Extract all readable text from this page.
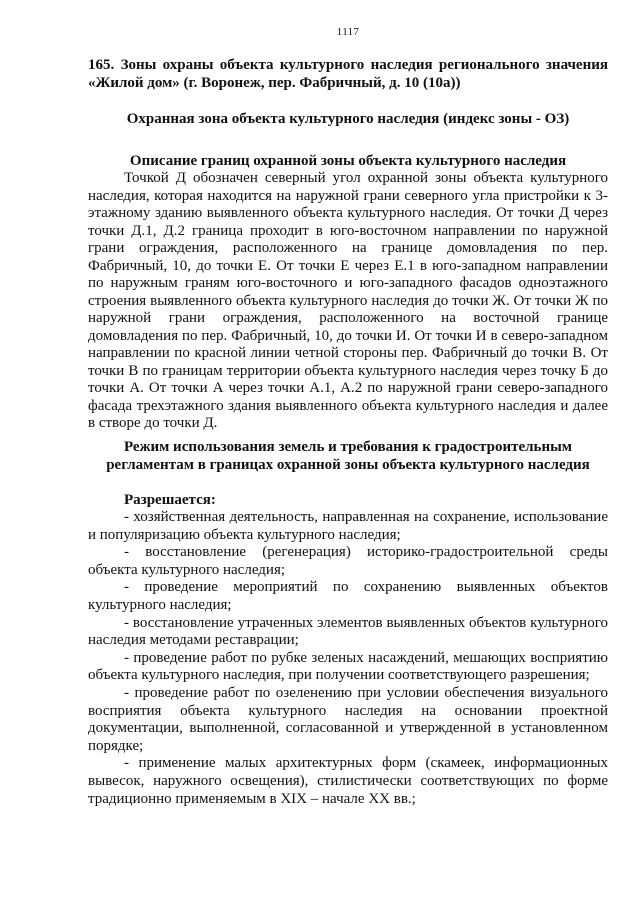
1117
165. Зоны охраны объекта культурного наследия регионального значения «Жилой дом» (г. Воронеж, пер. Фабричный, д. 10 (10а))
Охранная зона объекта культурного наследия (индекс зоны - ОЗ)
Описание границ охранной зоны объекта культурного наследия

Точкой Д обозначен северный угол охранной зоны объекта культурного наследия, которая находится на наружной грани северного угла пристройки к 3-этажному зданию выявленного объекта культурного наследия. От точки Д через точки Д.1, Д.2 граница проходит в юго-восточном направлении по наружной грани ограждения, расположенного на границе домовладения по пер. Фабричный, 10, до точки Е. От точки Е через Е.1 в юго-западном направлении по наружным граням юго-восточного и юго-западного фасадов одноэтажного строения выявленного объекта культурного наследия до точки Ж. От точки Ж по наружной грани ограждения, расположенного на восточной границе домовладения по пер. Фабричный, 10, до точки И. От точки И в северо-западном направлении по красной линии четной стороны пер. Фабричный до точки В. От точки В по границам территории объекта культурного наследия через точку Б до точки А. От точки А через точки А.1, А.2 по наружной грани северо-западного фасада трехэтажного здания выявленного объекта культурного наследия и далее в створе до точки Д.

Режим использования земель и требования к градостроительным регламентам в границах охранной зоны объекта культурного наследия

Разрешается:

- хозяйственная деятельность, направленная на сохранение, использование и популяризацию объекта культурного наследия;
- восстановление (регенерация) историко-градостроительной среды объекта культурного наследия;
- проведение мероприятий по сохранению выявленных объектов культурного наследия;
- восстановление утраченных элементов выявленных объектов культурного наследия методами реставрации;
- проведение работ по рубке зеленых насаждений, мешающих восприятию объекта культурного наследия, при получении соответствующего разрешения;
- проведение работ по озеленению при условии обеспечения визуального восприятия объекта культурного наследия на основании проектной документации, выполненной, согласованной и утвержденной в установленном порядке;
- применение малых архитектурных форм (скамеек, информационных вывесок, наружного освещения), стилистически соответствующих по форме традиционно применяемым в XIX – начале XX вв.;
